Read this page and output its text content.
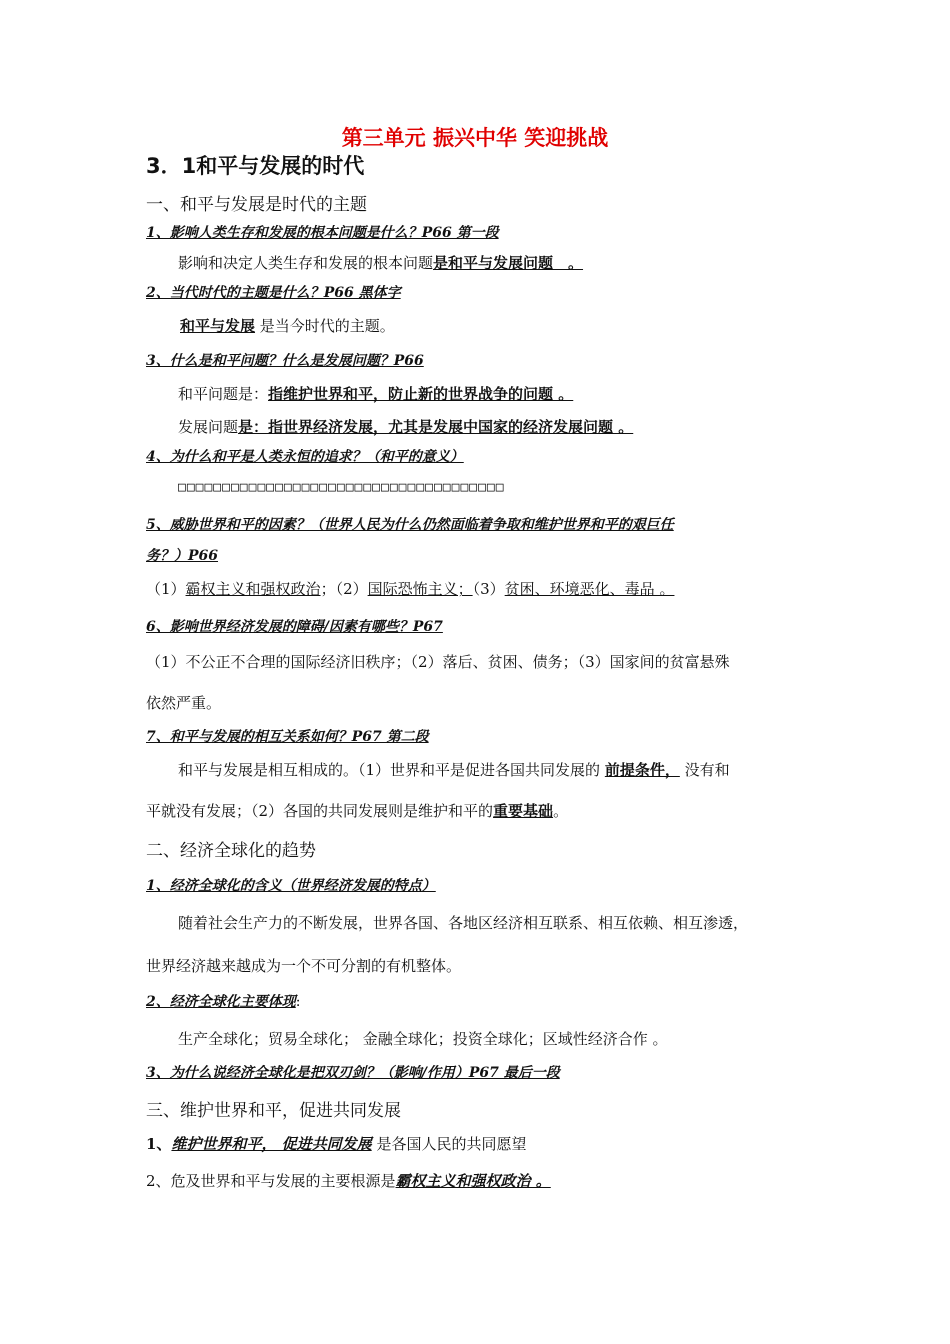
第三单元 振兴中华 笑迎挑战
3．1和平与发展的时代
一、和平与发展是时代的主题
1、影响人类生存和发展的根本问题是什么？P66 第一段
影响和决定人类生存和发展的根本问题是和平与发展问题　。
2、当代时代的主题是什么？P66 黑体字
和平与发展 是当今时代的主题。
3、什么是和平问题？什么是发展问题？P66
和平问题是：指维护世界和平，防止新的世界战争的问题 。
发展问题是：指世界经济发展，尤其是发展中国家的经济发展问题 。
4、为什么和平是人类永恒的追求？（和平的意义）
□□□□□□□□□□□□□□□□□□□□□□□□□□□□□□□□□□□□□
5、威胁世界和平的因素？（世界人民为什么仍然面临着争取和维护世界和平的艰巨任
务？）P66
（1）霸权主义和强权政治；（2）国际恐怖主义；（3）贫困、环境恶化、毒品 。
6、影响世界经济发展的障碍/因素有哪些？P67
（1）不公正不合理的国际经济旧秩序；（2）落后、贫困、债务；（3）国家间的贫富悬殊
依然严重。
7、和平与发展的相互关系如何？P67 第二段
和平与发展是相互相成的。（1）世界和平是促进各国共同发展的 前提条件， 没有和
平就没有发展；（2）各国的共同发展则是维护和平的重要基础。
二、经济全球化的趋势
1、经济全球化的含义（世界经济发展的特点）
随着社会生产力的不断发展，世界各国、各地区经济相互联系、相互依赖、相互渗透，
世界经济越来越成为一个不可分割的有机整体。
2、经济全球化主要体现:
生产全球化；贸易全球化； 金融全球化；投资全球化；区域性经济合作 。
3、为什么说经济全球化是把双刃剑？（影响/作用）P67 最后一段
三、维护世界和平，促进共同发展
1、维护世界和平， 促进共同发展 是各国人民的共同愿望
2、危及世界和平与发展的主要根源是霸权主义和强权政治 。
